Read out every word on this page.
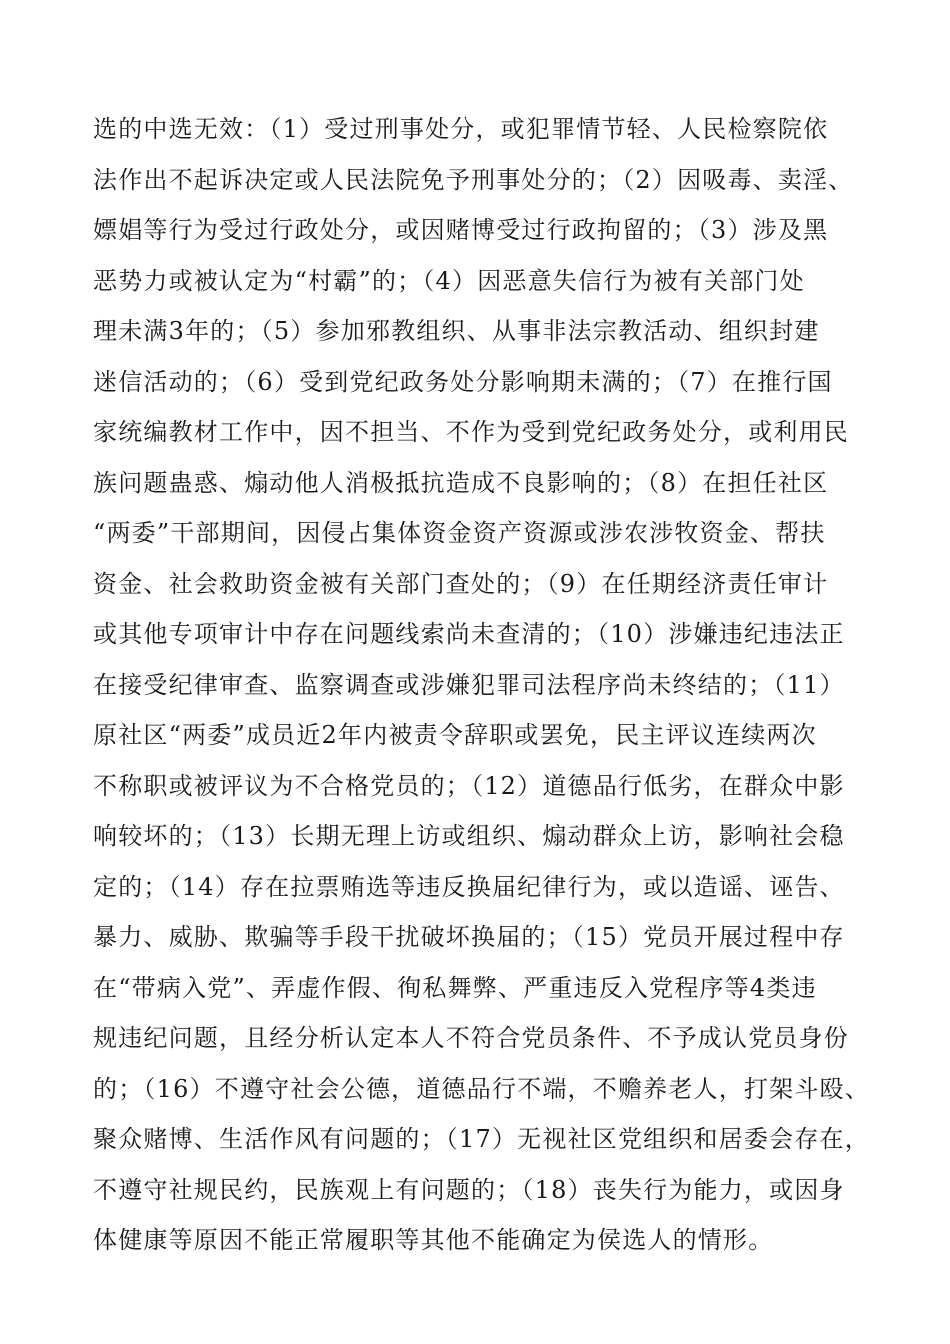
选的中选无效：（1）受过刑事处分，或犯罪情节轻、人民检察院依
法作出不起诉决定或人民法院免予刑事处分的；（2）因吸毒、卖淫、
嫖娼等行为受过行政处分，或因赌博受过行政拘留的；（3）涉及黑
恶势力或被认定为“村霸”的；（4）因恶意失信行为被有关部门处
理未满3年的；（5）参加邪教组织、从事非法宗教活动、组织封建
迷信活动的；（6）受到党纪政务处分影响期未满的；（7）在推行国
家统编教材工作中，因不担当、不作为受到党纪政务处分，或利用民
族问题蛊惑、煽动他人消极抵抗造成不良影响的；（8）在担任社区
“两委”干部期间，因侵占集体资金资产资源或涉农涉牧资金、帮扶
资金、社会救助资金被有关部门查处的；（9）在任期经济责任审计
或其他专项审计中存在问题线索尚未查清的；（10）涉嫌违纪违法正
在接受纪律审查、监察调查或涉嫌犯罪司法程序尚未终结的；（11）
原社区“两委”成员近2年内被责令辞职或罢免，民主评议连续两次
不称职或被评议为不合格党员的；（12）道德品行低劣，在群众中影
响较坏的；（13）长期无理上访或组织、煽动群众上访，影响社会稳
定的；（14）存在拉票贿选等违反换届纪律行为，或以造谣、诬告、
暴力、威胁、欺骗等手段干扰破坏换届的；（15）党员开展过程中存
在“带病入党”、弄虚作假、徇私舞弊、严重违反入党程序等4类违
规违纪问题，且经分析认定本人不符合党员条件、不予成认党员身份
的；（16）不遵守社会公德，道德品行不端，不赡养老人，打架斗殴、
聚众赌博、生活作风有问题的；（17）无视社区党组织和居委会存在，
不遵守社规民约，民族观上有问题的；（18）丧失行为能力，或因身
体健康等原因不能正常履职等其他不能确定为侯选人的情形。
